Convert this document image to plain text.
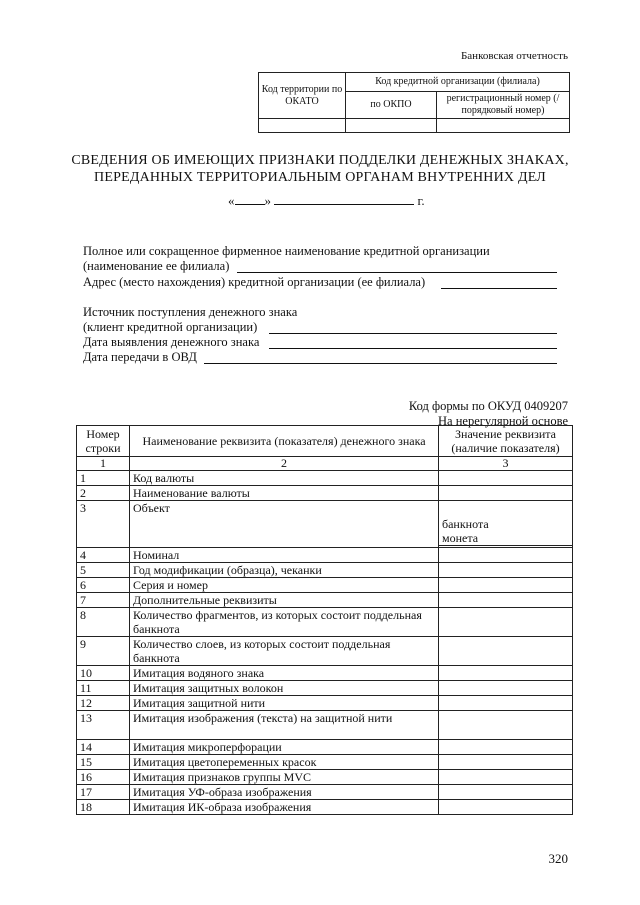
Банковская отчетность
Код территории по ОКАТО	Код кредитной организации (филиала)	
	по ОКПО	регистрационный номер (/порядковый номер)

СВЕДЕНИЯ ОБ ИМЕЮЩИХ ПРИЗНАКИ ПОДДЕЛКИ ДЕНЕЖНЫХ ЗНАКАХ,
ПЕРЕДАННЫХ ТЕРРИТОРИАЛЬНЫМ ОРГАНАМ ВНУТРЕННИХ ДЕЛ
« »	г.
Полное или сокращенное фирменное наименование кредитной организации
(наименование ее филиала)
Адрес (место нахождения) кредитной организации (ее филиала)
Источник поступления денежного знака
(клиент кредитной организации)
Дата выявления денежного знака
Дата передачи в ОВД
Код формы по ОКУД 0409207
На нерегулярной основе
Номер строки	Наименование реквизита (показателя) денежного знака	Значение реквизита (наличие показателя)
1	2	3
1	Код валюты	
2	Наименование валюты	
3	Объект	банкнота
монета

4	Номинал	
5	Год модификации (образца), чеканки	
6	Серия и номер	
7	Дополнительные реквизиты	
8	Количество фрагментов, из которых состоит поддельная банкнота	
9	Количество слоев, из которых состоит поддельная банкнота	
10	Имитация водяного знака	
11	Имитация защитных волокон	
12	Имитация защитной нити	
13	Имитация изображения (текста) на защитной нити	
14	Имитация микроперфорации	
15	Имитация цветопеременных красок	
16	Имитация признаков группы MVC	
17	Имитация УФ-образа изображения	
18	Имитация ИК-образа изображения	
320
